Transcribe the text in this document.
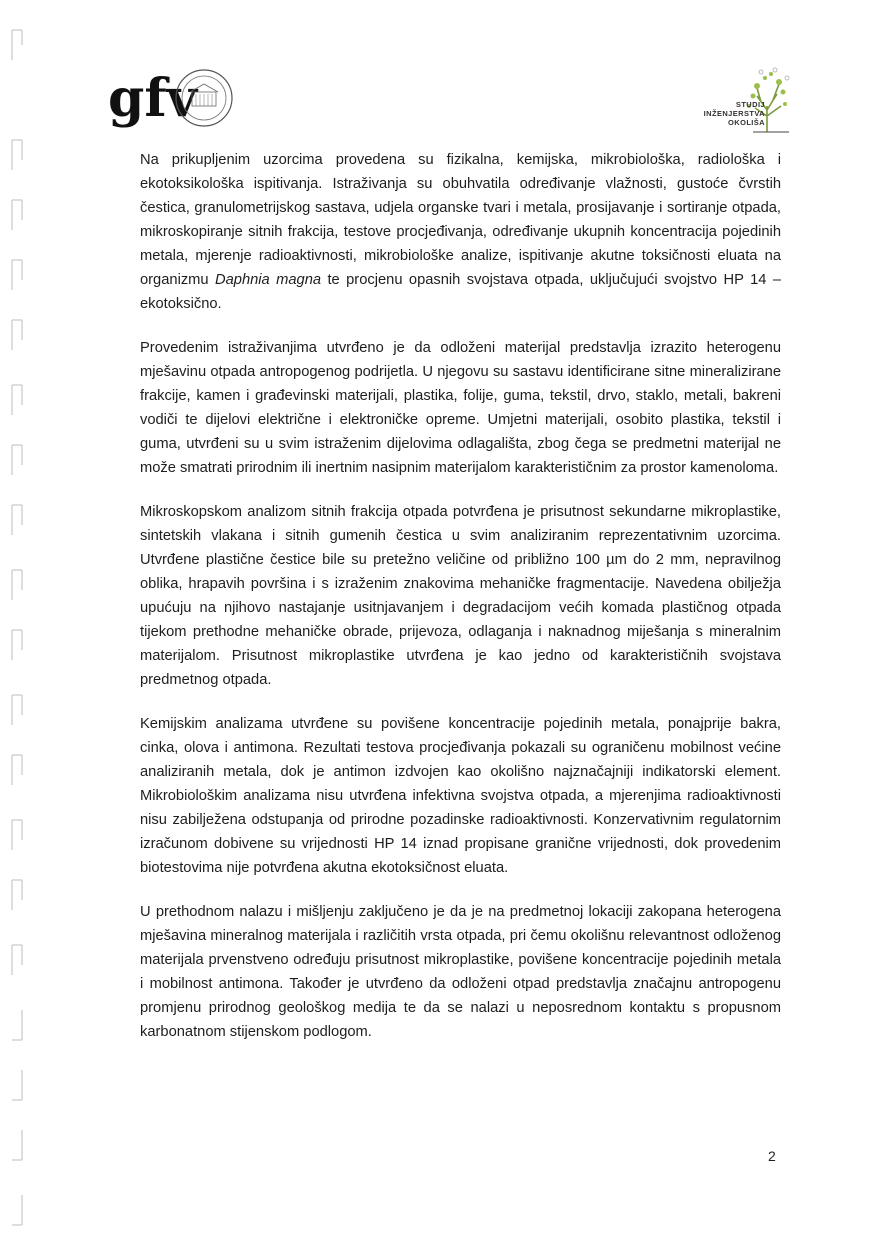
gfv	STUDIJ
INŽENJERSTVA
OKOLIŠA

Na prikupljenim uzorcima provedena su fizikalna, kemijska, mikrobiološka, radiološka i ekotoksikološka ispitivanja. Istraživanja su obuhvatila određivanje vlažnosti, gustoće čvrstih čestica, granulometrijskog sastava, udjela organske tvari i metala, prosijavanje i sortiranje otpada, mikroskopiranje sitnih frakcija, testove procjeđivanja, određivanje ukupnih koncentracija pojedinih metala, mjerenje radioaktivnosti, mikrobiološke analize, ispitivanje akutne toksičnosti eluata na organizmu Daphnia magna te procjenu opasnih svojstava otpada, uključujući svojstvo HP 14 – ekotoksično.

Provedenim istraživanjima utvrđeno je da odloženi materijal predstavlja izrazito heterogenu mješavinu otpada antropogenog podrijetla. U njegovu su sastavu identificirane sitne mineralizirane frakcije, kamen i građevinski materijali, plastika, folije, guma, tekstil, drvo, staklo, metali, bakreni vodiči te dijelovi električne i elektroničke opreme. Umjetni materijali, osobito plastika, tekstil i guma, utvrđeni su u svim istraženim dijelovima odlagališta, zbog čega se predmetni materijal ne može smatrati prirodnim ili inertnim nasipnim materijalom karakterističnim za prostor kamenoloma.

Mikroskopskom analizom sitnih frakcija otpada potvrđena je prisutnost sekundarne mikroplastike, sintetskih vlakana i sitnih gumenih čestica u svim analiziranim reprezentativnim uzorcima. Utvrđene plastične čestice bile su pretežno veličine od približno 100 µm do 2 mm, nepravilnog oblika, hrapavih površina i s izraženim znakovima mehaničke fragmentacije. Navedena obilježja upućuju na njihovo nastajanje usitnjavanjem i degradacijom većih komada plastičnog otpada tijekom prethodne mehaničke obrade, prijevoza, odlaganja i naknadnog miješanja s mineralnim materijalom. Prisutnost mikroplastike utvrđena je kao jedno od karakterističnih svojstava predmetnog otpada.

Kemijskim analizama utvrđene su povišene koncentracije pojedinih metala, ponajprije bakra, cinka, olova i antimona. Rezultati testova procjeđivanja pokazali su ograničenu mobilnost većine analiziranih metala, dok je antimon izdvojen kao okolišno najznačajniji indikatorski element. Mikrobiološkim analizama nisu utvrđena infektivna svojstva otpada, a mjerenjima radioaktivnosti nisu zabilježena odstupanja od prirodne pozadinske radioaktivnosti. Konzervativnim regulatornim izračunom dobivene su vrijednosti HP 14 iznad propisane granične vrijednosti, dok provedenim biotestovima nije potvrđena akutna ekotoksičnost eluata.

U prethodnom nalazu i mišljenju zaključeno je da je na predmetnoj lokaciji zakopana heterogena mješavina mineralnog materijala i različitih vrsta otpada, pri čemu okolišnu relevantnost odloženog materijala prvenstveno određuju prisutnost mikroplastike, povišene koncentracije pojedinih metala i mobilnost antimona. Također je utvrđeno da odloženi otpad predstavlja značajnu antropogenu promjenu prirodnog geološkog medija te da se nalazi u neposrednom kontaktu s propusnom karbonatnom stijenskom podlogom.

2
